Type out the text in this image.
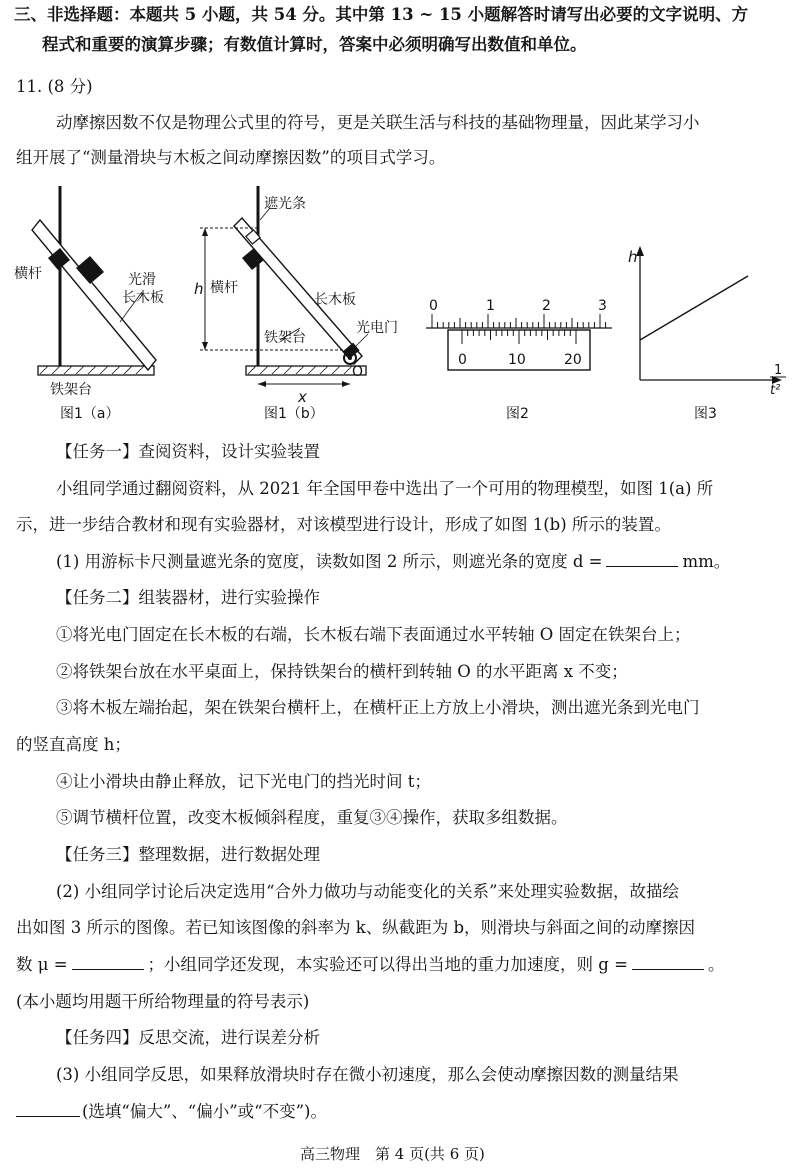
三、非选择题：本题共 5 小题，共 54 分。其中第 13 ~ 15 小题解答时请写出必要的文字说明、方
程式和重要的演算步骤；有数值计算时，答案中必须明确写出数值和单位。
11. (8 分)
动摩擦因数不仅是物理公式里的符号，更是关联生活与科技的基础物理量，因此某学习小
组开展了“测量滑块与木板之间动摩擦因数”的项目式学习。
横杆	光滑
长木板
铁架台
图1（a）
遮光条
横杆
长木板
铁架台
光电门
h
x
O
图1（b）
0	1	2	3
0	10	20
图2
h
1
t²
图3
【任务一】查阅资料，设计实验装置
小组同学通过翻阅资料，从 2021 年全国甲卷中选出了一个可用的物理模型，如图 1(a) 所
示，进一步结合教材和现有实验器材，对该模型进行设计，形成了如图 1(b) 所示的装置。
(1) 用游标卡尺测量遮光条的宽度，读数如图 2 所示，则遮光条的宽度 d =	mm。
【任务二】组装器材，进行实验操作
①将光电门固定在长木板的右端，长木板右端下表面通过水平转轴 O 固定在铁架台上；
②将铁架台放在水平桌面上，保持铁架台的横杆到转轴 O 的水平距离 x 不变；
③将木板左端抬起，架在铁架台横杆上，在横杆正上方放上小滑块，测出遮光条到光电门
的竖直高度 h；
④让小滑块由静止释放，记下光电门的挡光时间 t；
⑤调节横杆位置，改变木板倾斜程度，重复③④操作，获取多组数据。
【任务三】整理数据，进行数据处理
(2) 小组同学讨论后决定选用“合外力做功与动能变化的关系”来处理实验数据，故描绘
出如图 3 所示的图像。若已知该图像的斜率为 k、纵截距为 b，则滑块与斜面之间的动摩擦因
数 μ =	；小组同学还发现，本实验还可以得出当地的重力加速度，则 g =	。
(本小题均用题干所给物理量的符号表示)
【任务四】反思交流，进行误差分析
(3) 小组同学反思，如果释放滑块时存在微小初速度，那么会使动摩擦因数的测量结果
(选填“偏大”、“偏小”或“不变”)。
高三物理　第 4 页(共 6 页)
